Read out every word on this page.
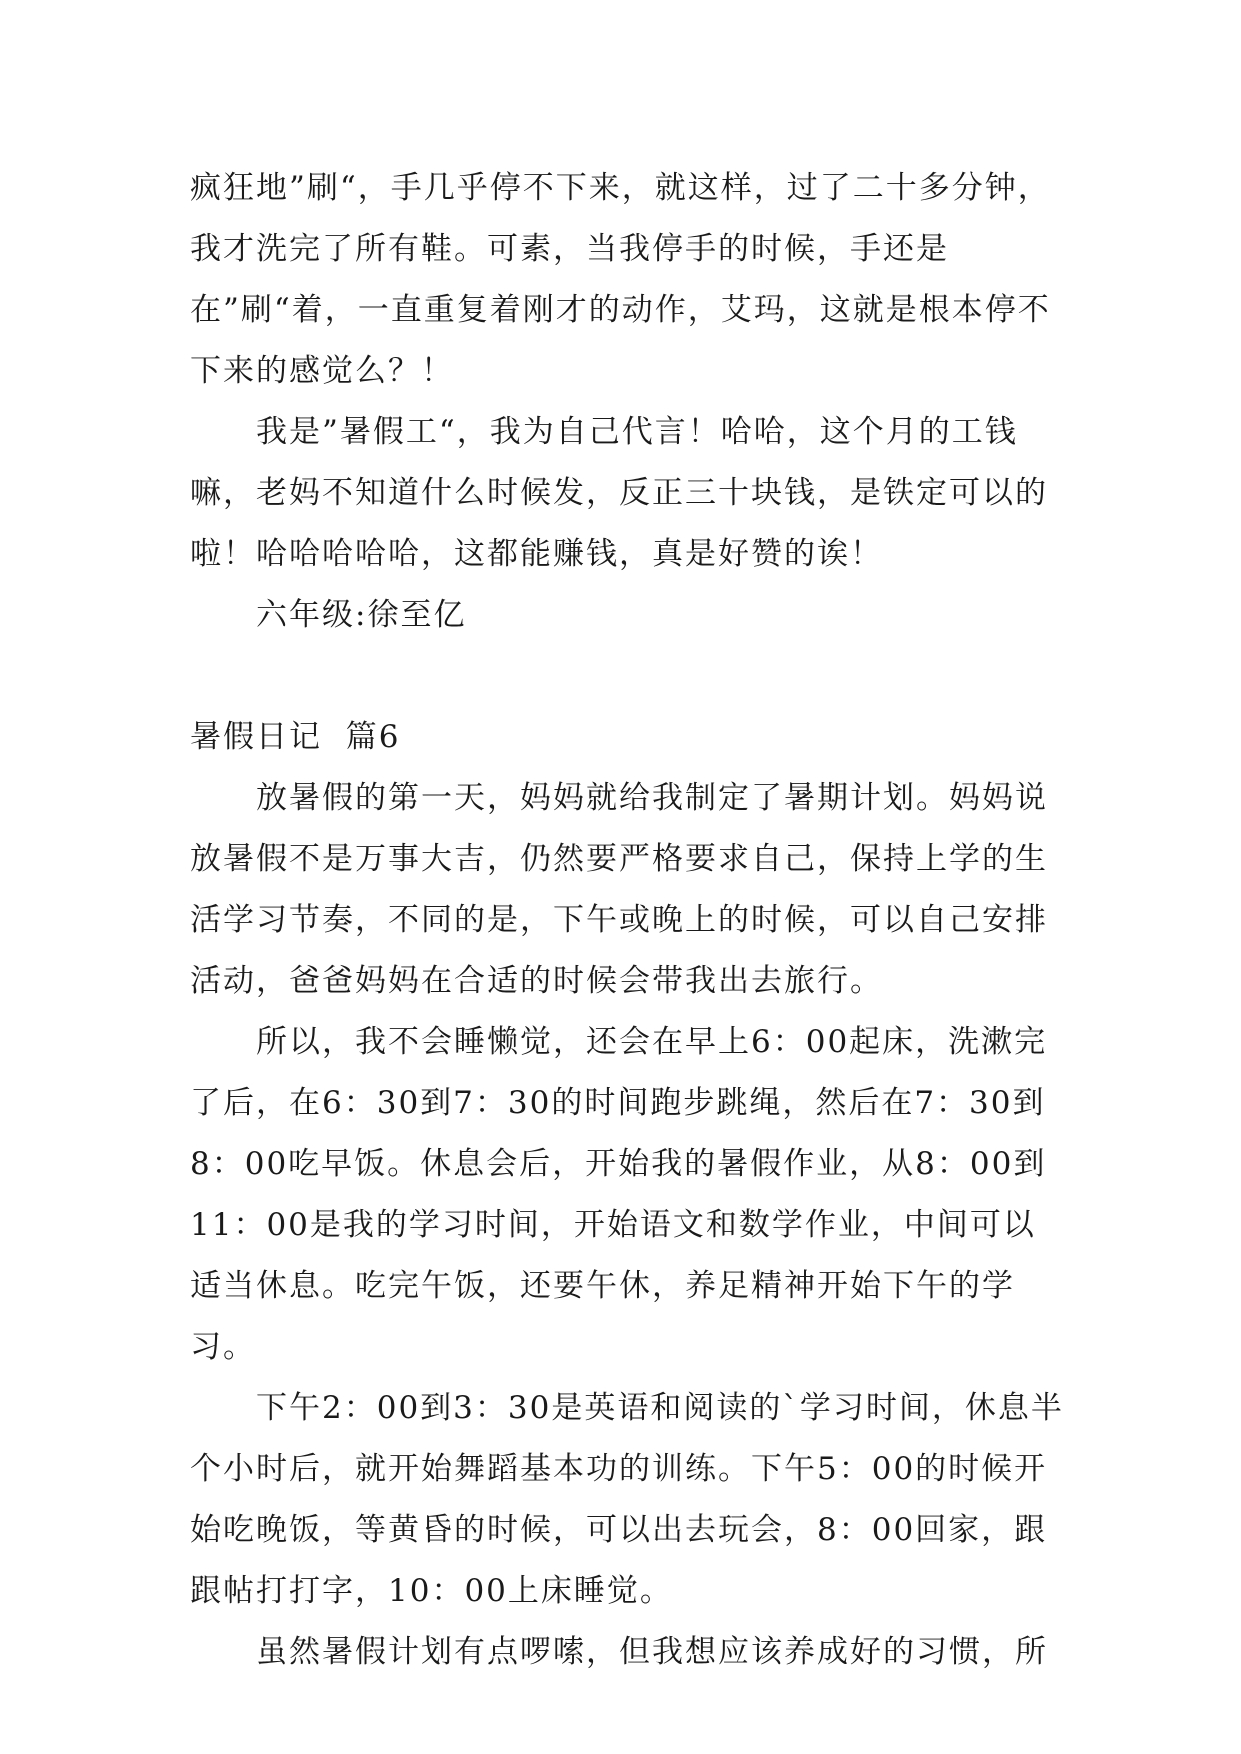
疯狂地”刷“，手几乎停不下来，就这样，过了二十多分钟，我才洗完了所有鞋。可素，当我停手的时候，手还是在”刷“着，一直重复着刚才的动作，艾玛，这就是根本停不下来的感觉么？！

我是”暑假工“，我为自己代言！哈哈，这个月的工钱嘛，老妈不知道什么时候发，反正三十块钱，是铁定可以的啦！哈哈哈哈哈，这都能赚钱，真是好赞的诶！

六年级:徐至亿

暑假日记  篇6

放暑假的第一天，妈妈就给我制定了暑期计划。妈妈说放暑假不是万事大吉，仍然要严格要求自己，保持上学的生活学习节奏，不同的是，下午或晚上的时候，可以自己安排活动，爸爸妈妈在合适的时候会带我出去旅行。

所以，我不会睡懒觉，还会在早上6：00起床，洗漱完了后，在6：30到7：30的时间跑步跳绳，然后在7：30到8：00吃早饭。休息会后，开始我的暑假作业，从8：00到11：00是我的学习时间，开始语文和数学作业，中间可以适当休息。吃完午饭，还要午休，养足精神开始下午的学习。

下午2：00到3：30是英语和阅读的`学习时间，休息半个小时后，就开始舞蹈基本功的训练。下午5：00的时候开始吃晚饭，等黄昏的时候，可以出去玩会，8：00回家，跟跟帖打打字，10：00上床睡觉。

虽然暑假计划有点啰嗦，但我想应该养成好的习惯，所
